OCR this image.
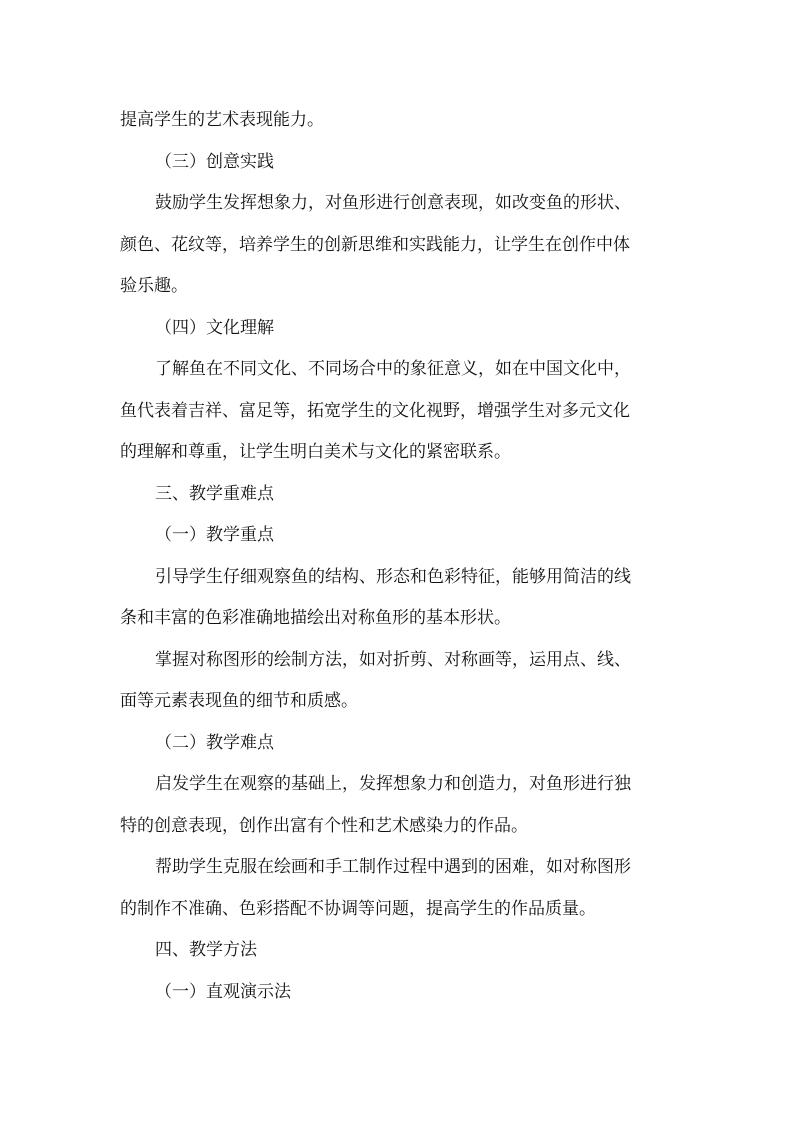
提高学生的艺术表现能力。
（三）创意实践
鼓励学生发挥想象力，对鱼形进行创意表现，如改变鱼的形状、
颜色、花纹等，培养学生的创新思维和实践能力，让学生在创作中体
验乐趣。
（四）文化理解
了解鱼在不同文化、不同场合中的象征意义，如在中国文化中，
鱼代表着吉祥、富足等，拓宽学生的文化视野，增强学生对多元文化
的理解和尊重，让学生明白美术与文化的紧密联系。
三、教学重难点
（一）教学重点
引导学生仔细观察鱼的结构、形态和色彩特征，能够用简洁的线
条和丰富的色彩准确地描绘出对称鱼形的基本形状。
掌握对称图形的绘制方法，如对折剪、对称画等，运用点、线、
面等元素表现鱼的细节和质感。
（二）教学难点
启发学生在观察的基础上，发挥想象力和创造力，对鱼形进行独
特的创意表现，创作出富有个性和艺术感染力的作品。
帮助学生克服在绘画和手工制作过程中遇到的困难，如对称图形
的制作不准确、色彩搭配不协调等问题，提高学生的作品质量。
四、教学方法
（一）直观演示法
